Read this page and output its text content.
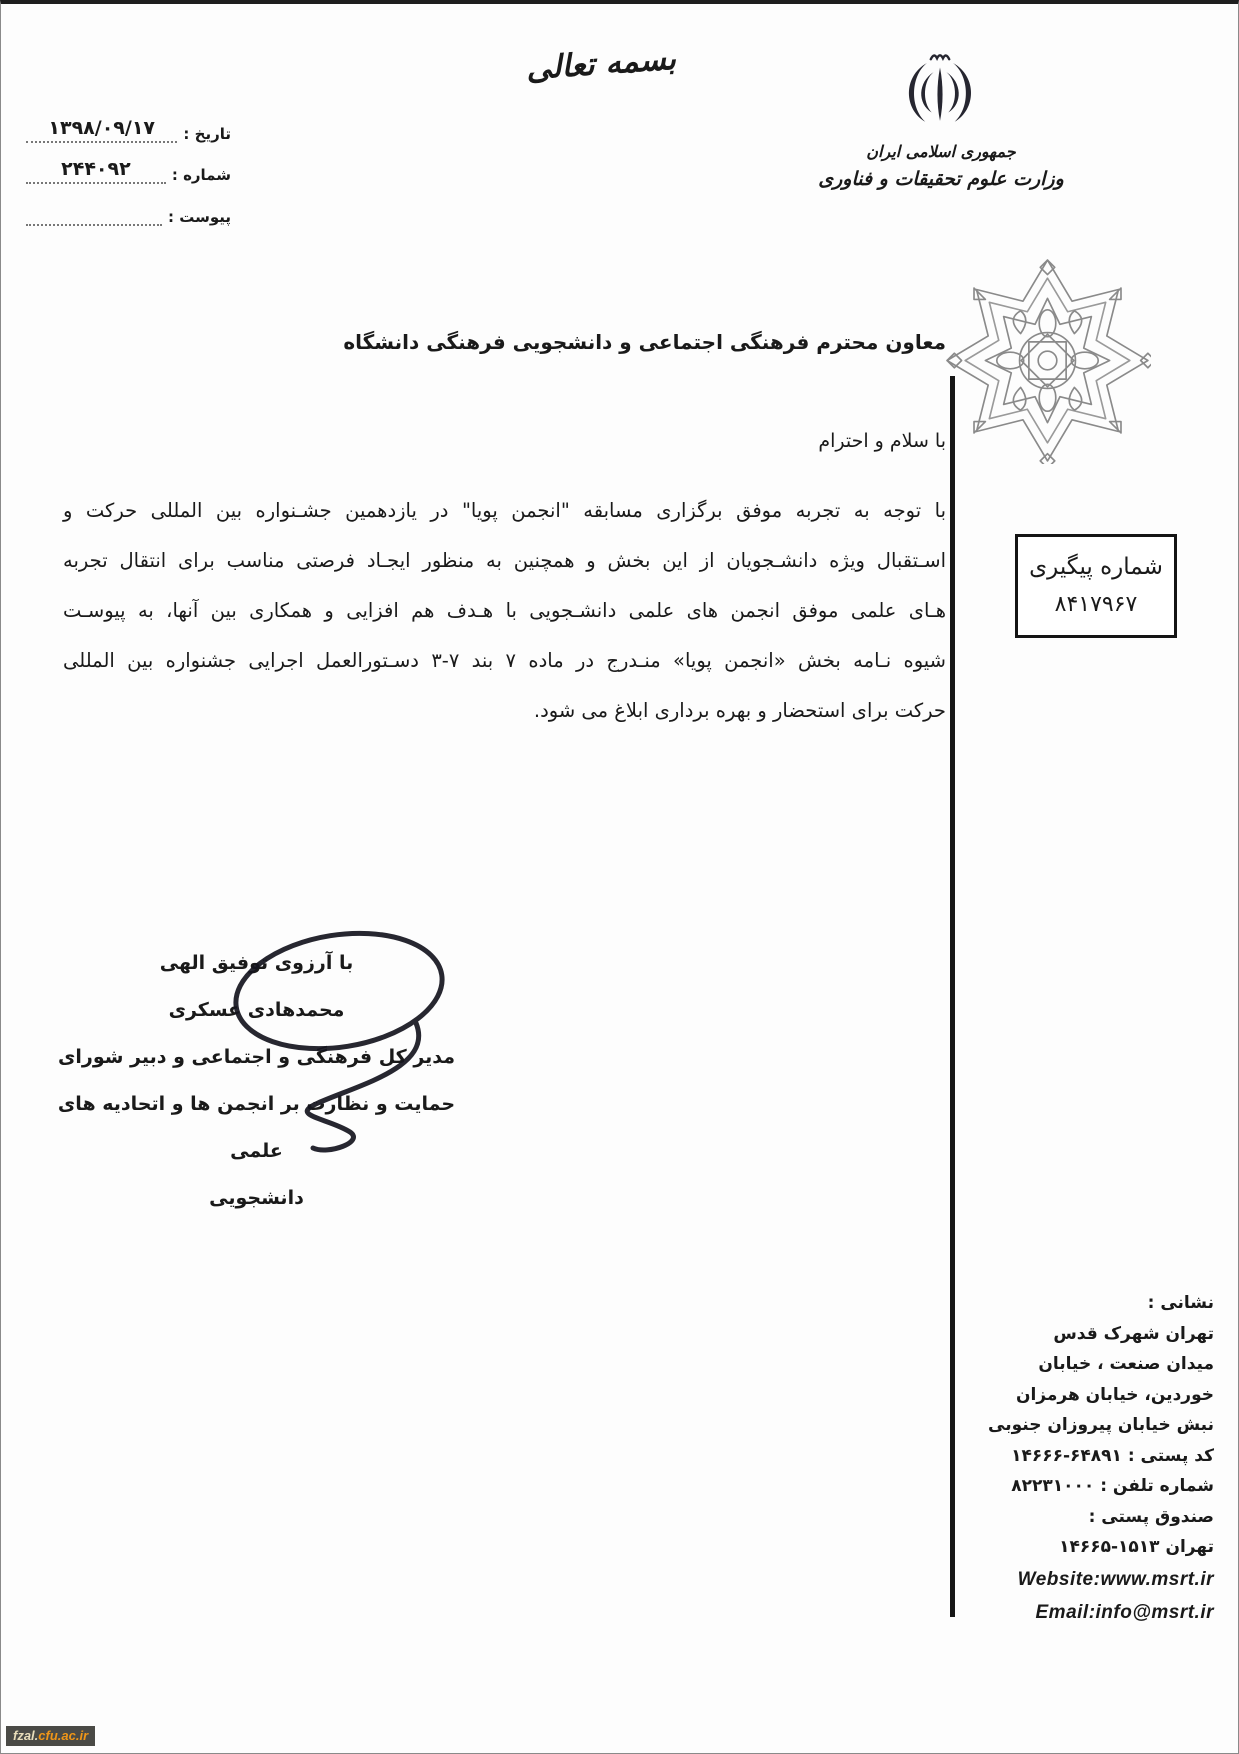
بسمه تعالی
جمهوری اسلامی ایران
وزارت علوم تحقیقات و فناوری
تاریخ :
۱۳۹۸/۰۹/۱۷
شماره :
۲۴۴۰۹۲
پیوست :
معاون محترم فرهنگی اجتماعی و دانشجویی فرهنگی دانشگاه
با سلام و احترام
با توجه به تجربه موفق برگزاری مسابقه "انجمن پویا" در یازدهمین جشـنواره بین المللی حرکت و
اسـتقبال ویژه دانشـجویان از این بخش و همچنین به منظور ایجـاد فرصتی مناسب برای انتقال تجربه
هـای علمی موفق انجمن های علمی دانشـجویی با هـدف هم افزایی و همکاری بین آنها، به پیوسـت
شیوه نـامه بخش «انجمن پویا» منـدرج در ماده ۷ بند ۷-۳ دسـتورالعمل اجرایی جشنواره بین المللی
حرکت برای استحضار و بهره برداری ابلاغ می شود.
شماره پیگیری
۸۴۱۷۹۶۷
با آرزوی توفیق الهی
محمدهادی عسکری
مدیر کل فرهنگی و اجتماعی و دبیر شورای
حمایت و نظارت بر انجمن ها و اتحادیه های علمی
دانشجویی
نشانی :
تهران شهرک قدس
میدان صنعت ، خیابان
خوردین، خیابان هرمزان
نبش خیابان پیروزان جنوبی
کد پستی : ۱۴۶۶۶-۶۴۸۹۱
شماره تلفن : ۸۲۲۳۱۰۰۰
صندوق پستی :
تهران ۱۴۶۶۵-۱۵۱۳
Website:www.msrt.ir
Email:info@msrt.ir
fzal.cfu.ac.ir
